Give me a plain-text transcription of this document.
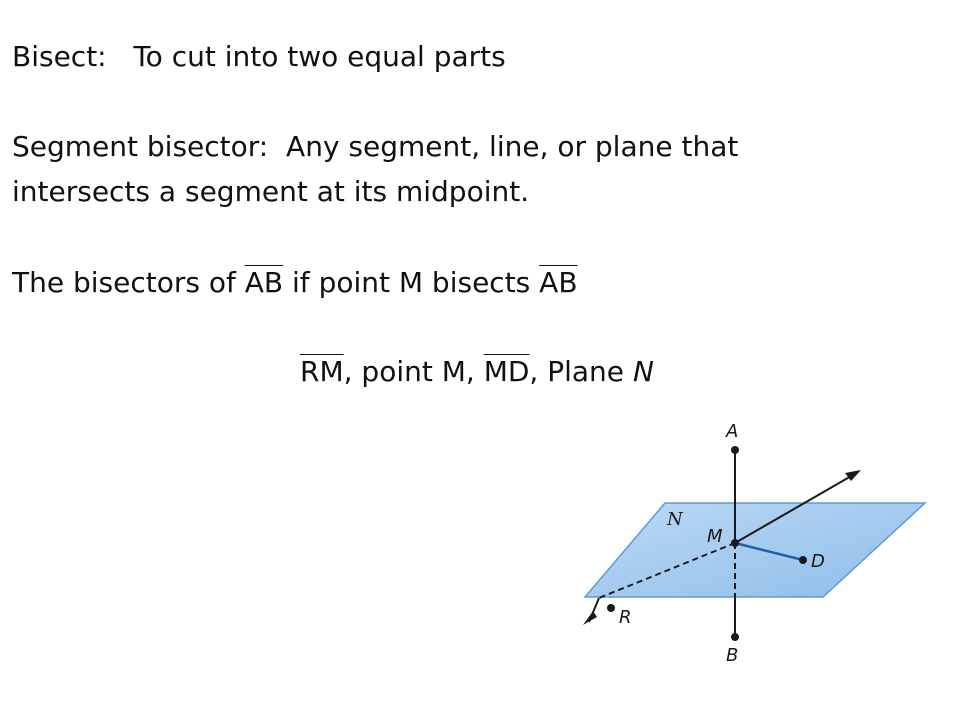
Bisect: To cut into two equal parts
Segment bisector: Any segment, line, or plane that
intersects a segment at its midpoint.
The bisectors of $\overline{AB}$ if point M bisects $\overline{AB}$
$\overline{RM}$, point M, $\overline{MD}$, Plane N
A
M
D
B
R
N
